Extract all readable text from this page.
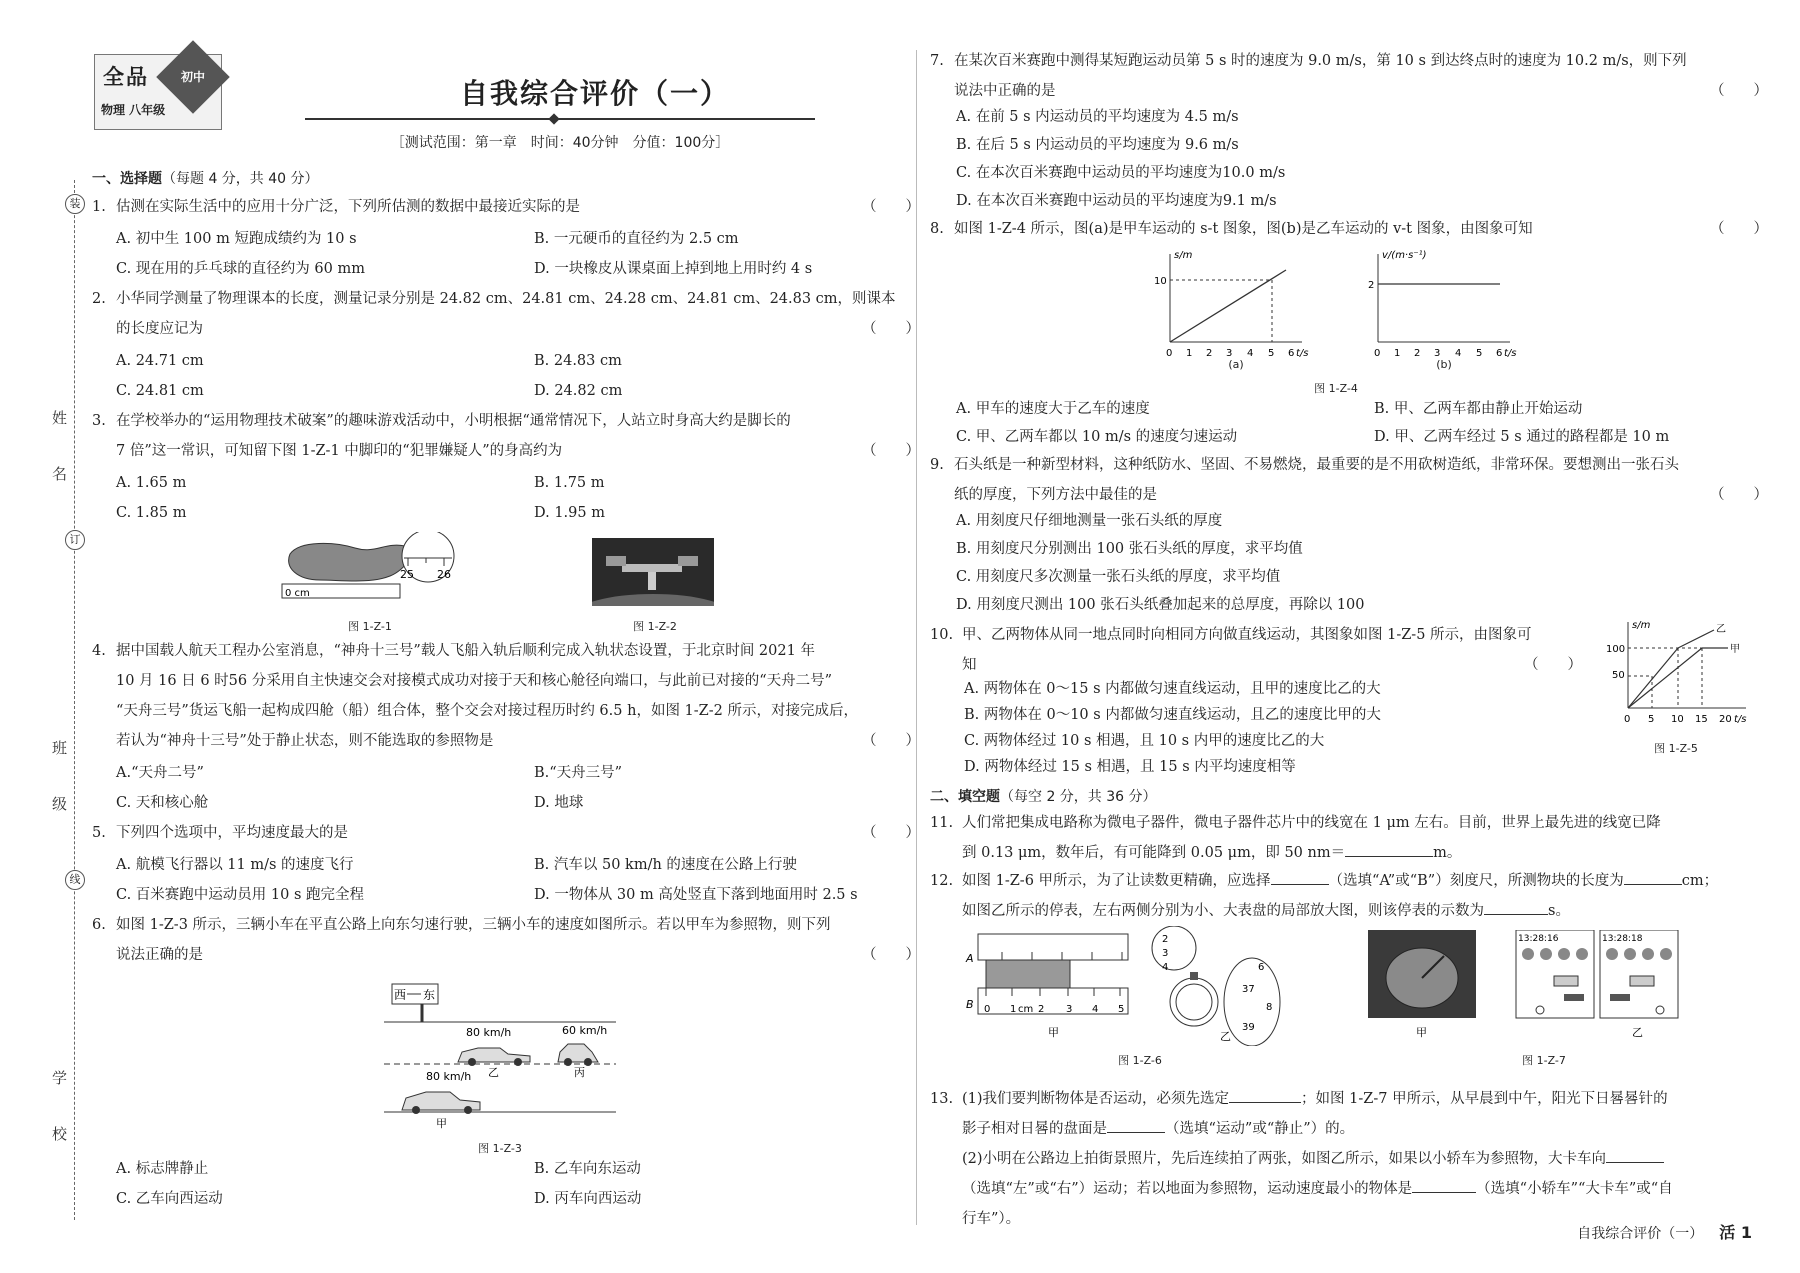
装
姓 名
订
班 级
线
学 校
全品
物理 八年级
初中
自我综合评价（一）
［测试范围：第一章　时间：40分钟　分值：100分］
一、选择题（每题 4 分，共 40 分）
1. 估测在实际生活中的应用十分广泛，下列所估测的数据中最接近实际的是	（　　）
A. 初中生 100 m 短跑成绩约为 10 s	B. 一元硬币的直径约为 2.5 cm
C. 现在用的乒乓球的直径约为 60 mm	D. 一块橡皮从课桌面上掉到地上用时约 4 s
2. 小华同学测量了物理课本的长度，测量记录分别是 24.82 cm、24.81 cm、24.28 cm、24.81 cm、24.83 cm，则课本
的长度应记为	（　　）
A. 24.71 cm	B. 24.83 cm
C. 24.81 cm	D. 24.82 cm
3. 在学校举办的“运用物理技术破案”的趣味游戏活动中，小明根据“通常情况下，人站立时身高大约是脚长的
7 倍”这一常识，可知留下图 1-Z-1 中脚印的“犯罪嫌疑人”的身高约为	（　　）
A. 1.65 m	B. 1.75 m
C. 1.85 m	D. 1.95 m
0 cm
25 26
图 1-Z-1	图 1-Z-2
4. 据中国载人航天工程办公室消息，“神舟十三号”载人飞船入轨后顺利完成入轨状态设置，于北京时间 2021 年
10 月 16 日 6 时56 分采用自主快速交会对接模式成功对接于天和核心舱径向端口，与此前已对接的“天舟二号”
“天舟三号”货运飞船一起构成四舱（船）组合体，整个交会对接过程历时约 6.5 h，如图 1-Z-2 所示，对接完成后，
若认为“神舟十三号”处于静止状态，则不能选取的参照物是	（　　）
A.“天舟二号”	B.“天舟三号”
C. 天和核心舱	D. 地球
5. 下列四个选项中，平均速度最大的是	（　　）
A. 航模飞行器以 11 m/s 的速度飞行	B. 汽车以 50 km/h 的速度在公路上行驶
C. 百米赛跑中运动员用 10 s 跑完全程	D. 一物体从 30 m 高处竖直下落到地面用时 2.5 s
6. 如图 1-Z-3 所示，三辆小车在平直公路上向东匀速行驶，三辆小车的速度如图所示。若以甲车为参照物，则下列
说法正确的是	（　　）
西 东
80 km/h
乙
60 km/h
丙
80 km/h
甲
图 1-Z-3
A. 标志牌静止	B. 乙车向东运动
C. 乙车向西运动	D. 丙车向西运动
7. 在某次百米赛跑中测得某短跑运动员第 5 s 时的速度为 9.0 m/s，第 10 s 到达终点时的速度为 10.2 m/s，则下列
说法中正确的是	（　　）
A. 在前 5 s 内运动员的平均速度为 4.5 m/s
B. 在后 5 s 内运动员的平均速度为 9.6 m/s
C. 在本次百米赛跑中运动员的平均速度为10.0 m/s
D. 在本次百米赛跑中运动员的平均速度为9.1 m/s
8. 如图 1-Z-4 所示，图(a)是甲车运动的 s-t 图象，图(b)是乙车运动的 v-t 图象，由图象可知	（　　）
s/m
10
0 1 2 3 4 5 6 t/s
v/(m·s⁻¹)
2
0 1 2 3 4 5 6 t/s
(a)	(b)
图 1-Z-4
A. 甲车的速度大于乙车的速度	B. 甲、乙两车都由静止开始运动
C. 甲、乙两车都以 10 m/s 的速度匀速运动	D. 甲、乙两车经过 5 s 通过的路程都是 10 m
9. 石头纸是一种新型材料，这种纸防水、坚固、不易燃烧，最重要的是不用砍树造纸，非常环保。要想测出一张石头
纸的厚度，下列方法中最佳的是	（　　）
A. 用刻度尺仔细地测量一张石头纸的厚度
B. 用刻度尺分别测出 100 张石头纸的厚度，求平均值
C. 用刻度尺多次测量一张石头纸的厚度，求平均值
D. 用刻度尺测出 100 张石头纸叠加起来的总厚度，再除以 100
10. 甲、乙两物体从同一地点同时向相同方向做直线运动，其图象如图 1-Z-5 所示，由图象可
知	（　　）
A. 两物体在 0～15 s 内都做匀速直线运动，且甲的速度比乙的大
B. 两物体在 0～10 s 内都做匀速直线运动，且乙的速度比甲的大
C. 两物体经过 10 s 相遇，且 10 s 内甲的速度比乙的大
D. 两物体经过 15 s 相遇，且 15 s 内平均速度相等
s/m
100
50
乙
甲
0 5 10 15 20 t/s
图 1-Z-5
二、填空题（每空 2 分，共 36 分）
11. 人们常把集成电路称为微电子器件，微电子器件芯片中的线宽在 1 μm 左右。目前，世界上最先进的线宽已降
到 0.13 μm，数年后，有可能降到 0.05 μm，即 50 nm＝	m。
12. 如图 1-Z-6 甲所示，为了让读数更精确，应选择	（选填“A”或“B”）刻度尺，所测物块的长度为	cm；
如图乙所示的停表，左右两侧分别为小、大表盘的局部放大图，则该停表的示数为	s。
A
B 0 1 cm 2 3 4 5
甲
2
3
4	6
37
8
39
乙
图 1-Z-6
甲
13:28:16	13:28:18
乙
图 1-Z-7
13. (1)我们要判断物体是否运动，必须先选定	；如图 1-Z-7 甲所示，从早晨到中午，阳光下日晷晷针的
影子相对日晷的盘面是	（选填“运动”或“静止”）的。
(2)小明在公路边上拍街景照片，先后连续拍了两张，如图乙所示，如果以小轿车为参照物，大卡车向
（选填“左”或“右”）运动；若以地面为参照物，运动速度最小的物体是	（选填“小轿车”“大卡车”或“自
行车”）。
自我综合评价（一） 活 1
